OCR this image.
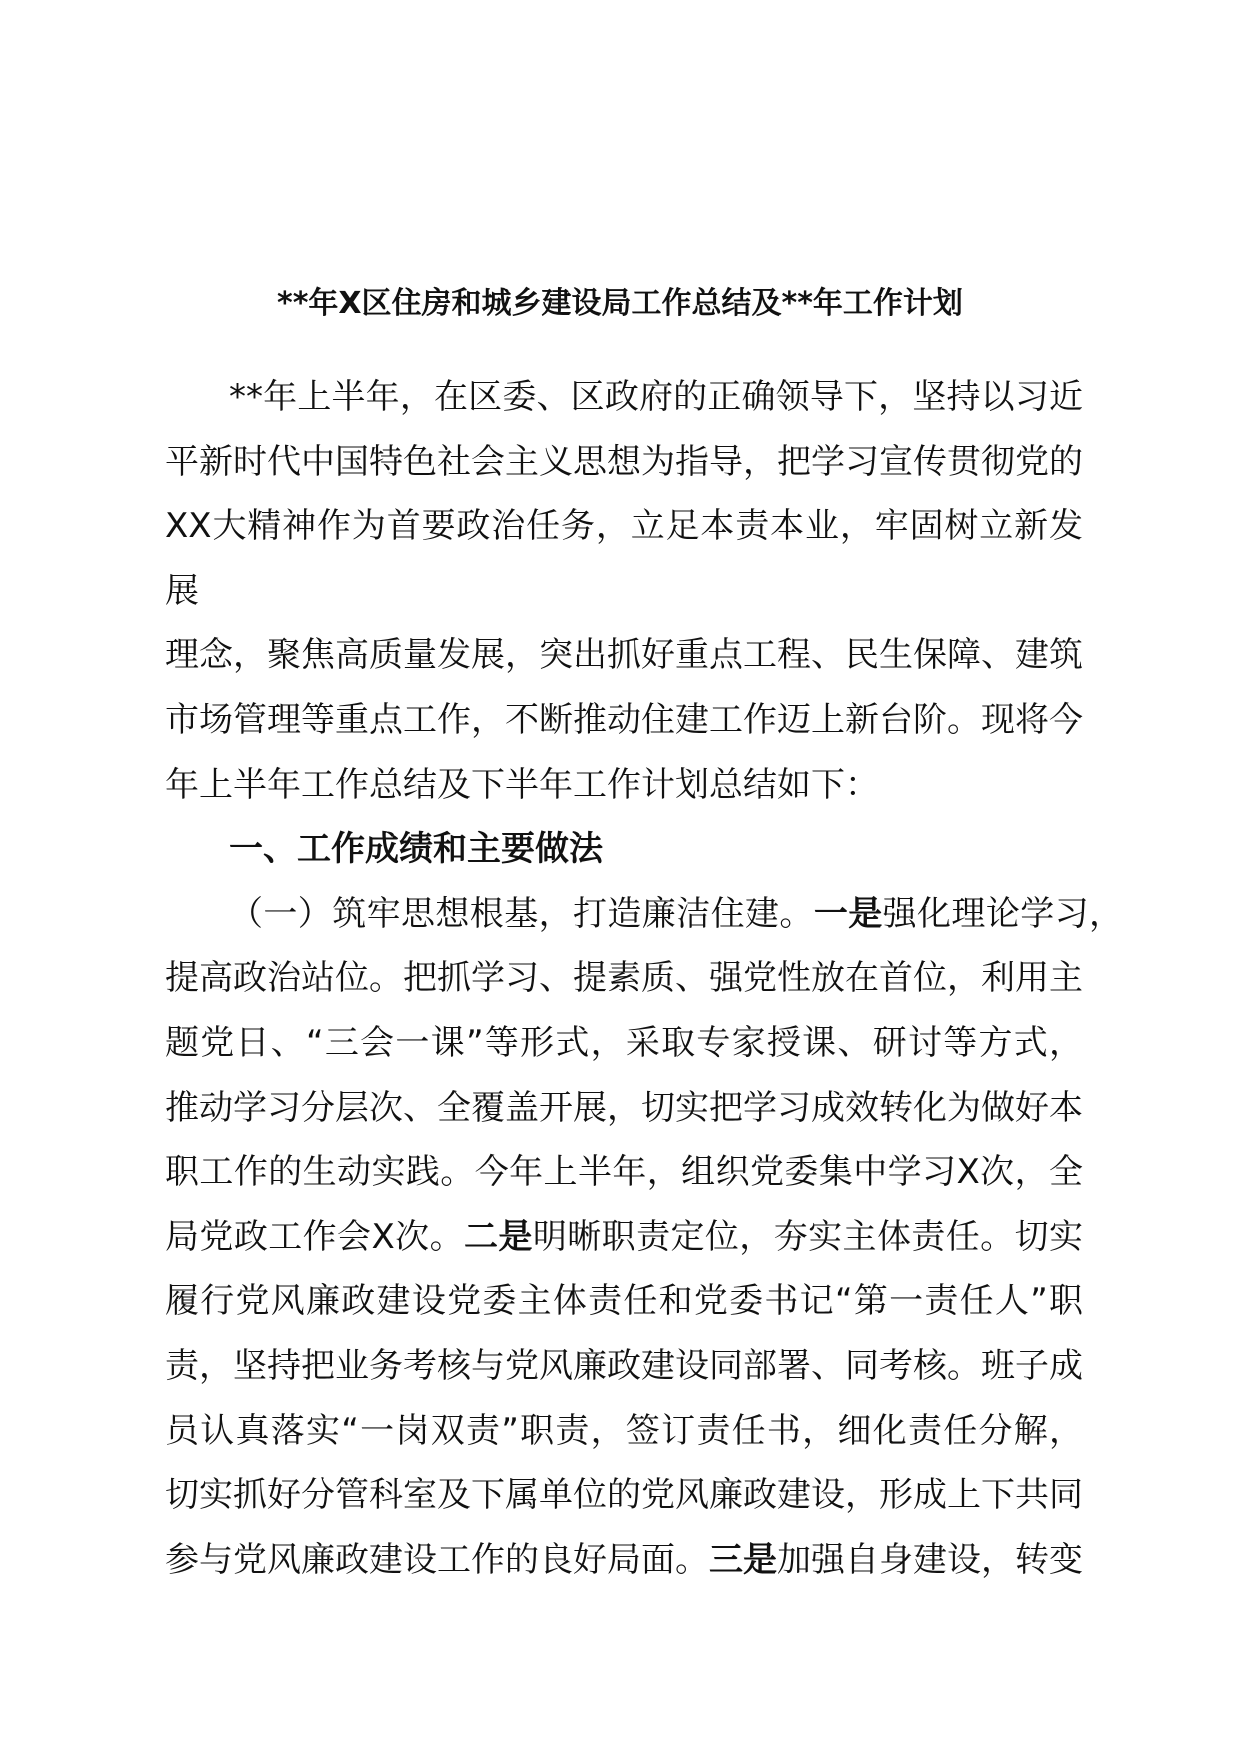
**年X区住房和城乡建设局工作总结及**年工作计划
**年上半年，在区委、区政府的正确领导下，坚持以习近
平新时代中国特色社会主义思想为指导，把学习宣传贯彻党的
XX大精神作为首要政治任务，立足本责本业，牢固树立新发展
理念，聚焦高质量发展，突出抓好重点工程、民生保障、建筑
市场管理等重点工作，不断推动住建工作迈上新台阶。现将今
年上半年工作总结及下半年工作计划总结如下：
一、工作成绩和主要做法
（一）筑牢思想根基，打造廉洁住建。一是强化理论学习，
提高政治站位。把抓学习、提素质、强党性放在首位，利用主
题党日、“三会一课”等形式，采取专家授课、研讨等方式，
推动学习分层次、全覆盖开展，切实把学习成效转化为做好本
职工作的生动实践。今年上半年，组织党委集中学习X次，全
局党政工作会X次。二是明晰职责定位，夯实主体责任。切实
履行党风廉政建设党委主体责任和党委书记“第一责任人”职
责，坚持把业务考核与党风廉政建设同部署、同考核。班子成
员认真落实“一岗双责”职责，签订责任书，细化责任分解，
切实抓好分管科室及下属单位的党风廉政建设，形成上下共同
参与党风廉政建设工作的良好局面。三是加强自身建设，转变
